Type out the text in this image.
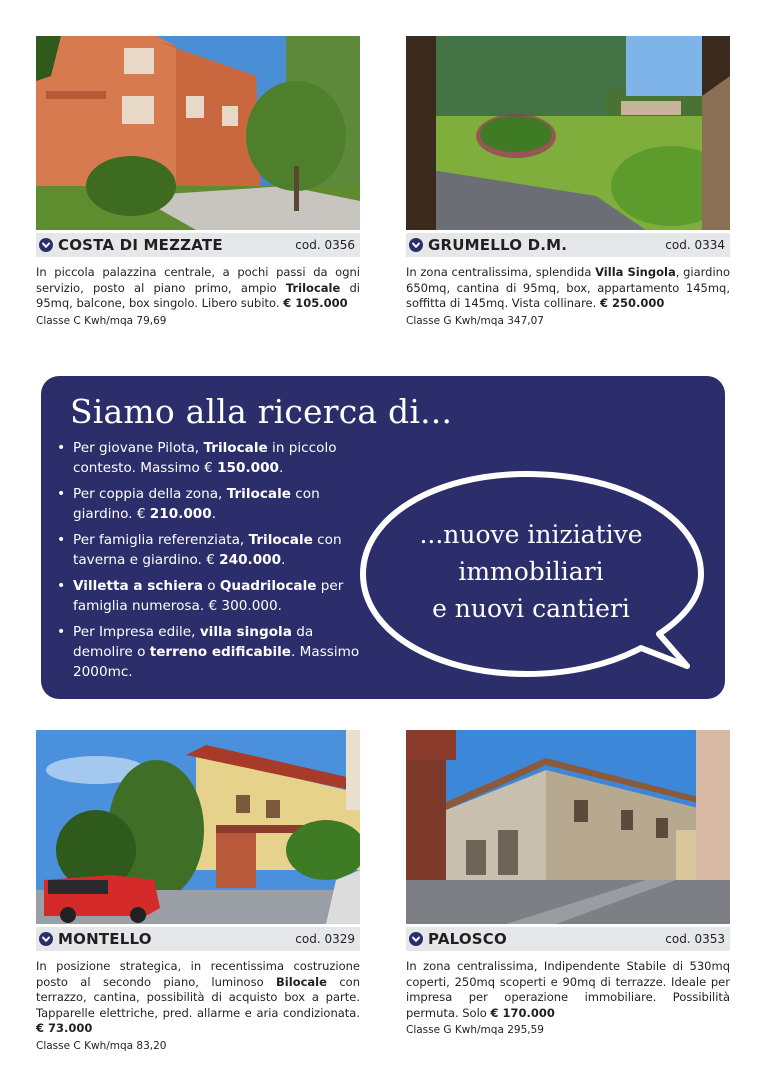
COSTA DI MEZZATE	cod. 0356
In piccola palazzina centrale, a pochi passi da ogni servizio, posto al piano primo, ampio Trilocale di 95mq, balcone, box singolo. Libero subito. € 105.000
Classe C Kwh/mqa 79,69
GRUMELLO D.M.	cod. 0334
In zona centralissima, splendida Villa Singola, giardino 650mq, cantina di 95mq, box, appartamento 145mq, soffitta di 145mq. Vista collinare. € 250.000
Classe G Kwh/mqa 347,07
Siamo alla ricerca di...
• Per giovane Pilota, Trilocale in piccolo contesto. Massimo € 150.000.
• Per coppia della zona, Trilocale con giardino. € 210.000.
• Per famiglia referenziata, Trilocale con taverna e giardino. € 240.000.
• Villetta a schiera o Quadrilocale per famiglia numerosa. € 300.000.
• Per Impresa edile, villa singola da demolire o terreno edificabile. Massimo 2000mc.
...nuove iniziative
immobiliari
e nuovi cantieri
MONTELLO	cod. 0329
In posizione strategica, in recentissima costruzione posto al secondo piano, luminoso Bilocale con terrazzo, cantina, possibilità di acquisto box a parte. Tapparelle elettriche, pred. allarme e aria condizionata. € 73.000
Classe C Kwh/mqa 83,20
PALOSCO	cod. 0353
In zona centralissima, Indipendente Stabile di 530mq coperti, 250mq scoperti e 90mq di terrazze. Ideale per impresa per operazione immobiliare. Possibilità permuta. Solo € 170.000
Classe G Kwh/mqa 295,59
